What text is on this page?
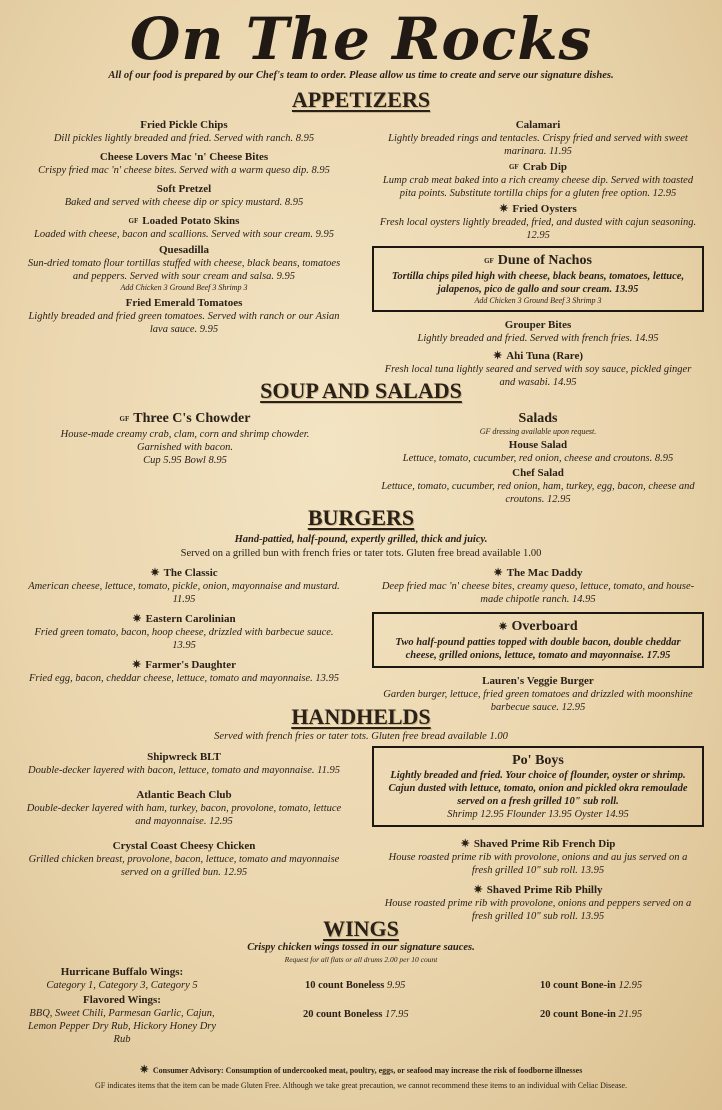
On The Rocks
All of our food is prepared by our Chef's team to order. Please allow us time to create and serve our signature dishes.
APPETIZERS
Fried Pickle Chips
Dill pickles lightly breaded and fried. Served with ranch. 8.95
Cheese Lovers Mac 'n' Cheese Bites
Crispy fried mac 'n' cheese bites. Served with a warm queso dip. 8.95
Soft Pretzel
Baked and served with cheese dip or spicy mustard. 8.95
GF Loaded Potato Skins
Loaded with cheese, bacon and scallions. Served with sour cream. 9.95
Quesadilla
Sun-dried tomato flour tortillas stuffed with cheese, black beans, tomatoes and peppers. Served with sour cream and salsa. 9.95
Add Chicken 3 Ground Beef 3 Shrimp 3
Fried Emerald Tomatoes
Lightly breaded and fried green tomatoes. Served with ranch or our Asian lava sauce. 9.95
Calamari
Lightly breaded rings and tentacles. Crispy fried and served with sweet marinara. 11.95
GF Crab Dip
Lump crab meat baked into a rich creamy cheese dip. Served with toasted pita points. Substitute tortilla chips for a gluten free option. 12.95
✷ Fried Oysters
Fresh local oysters lightly breaded, fried, and dusted with cajun seasoning. 12.95
GF Dune of Nachos
Tortilla chips piled high with cheese, black beans, tomatoes, lettuce, jalapenos, pico de gallo and sour cream. 13.95
Add Chicken 3 Ground Beef 3 Shrimp 3
Grouper Bites
Lightly breaded and fried. Served with french fries. 14.95
✷ Ahi Tuna (Rare)
Fresh local tuna lightly seared and served with soy sauce, pickled ginger and wasabi. 14.95
SOUP AND SALADS
GF Three C's Chowder
House-made creamy crab, clam, corn and shrimp chowder. Garnished with bacon.
Cup 5.95 Bowl 8.95
Salads
GF dressing available upon request.
House Salad
Lettuce, tomato, cucumber, red onion, cheese and croutons. 8.95
Chef Salad
Lettuce, tomato, cucumber, red onion, ham, turkey, egg, bacon, cheese and croutons. 12.95
BURGERS
Hand-pattied, half-pound, expertly grilled, thick and juicy.
Served on a grilled bun with french fries or tater tots. Gluten free bread available 1.00
✷ The Classic
American cheese, lettuce, tomato, pickle, onion, mayonnaise and mustard. 11.95
✷ Eastern Carolinian
Fried green tomato, bacon, hoop cheese, drizzled with barbecue sauce. 13.95
✷ Farmer's Daughter
Fried egg, bacon, cheddar cheese, lettuce, tomato and mayonnaise. 13.95
✷ The Mac Daddy
Deep fried mac 'n' cheese bites, creamy queso, lettuce, tomato, and house-made chipotle ranch. 14.95
✷ Overboard
Two half-pound patties topped with double bacon, double cheddar cheese, grilled onions, lettuce, tomato and mayonnaise. 17.95
Lauren's Veggie Burger
Garden burger, lettuce, fried green tomatoes and drizzled with moonshine barbecue sauce. 12.95
HANDHELDS
Served with french fries or tater tots. Gluten free bread available 1.00
Shipwreck BLT
Double-decker layered with bacon, lettuce, tomato and mayonnaise. 11.95
Atlantic Beach Club
Double-decker layered with ham, turkey, bacon, provolone, tomato, lettuce and mayonnaise. 12.95
Crystal Coast Cheesy Chicken
Grilled chicken breast, provolone, bacon, lettuce, tomato and mayonnaise served on a grilled bun. 12.95
Po' Boys
Lightly breaded and fried. Your choice of flounder, oyster or shrimp. Cajun dusted with lettuce, tomato, onion and pickled okra remoulade served on a fresh grilled 10" sub roll.
Shrimp 12.95 Flounder 13.95 Oyster 14.95
✷ Shaved Prime Rib French Dip
House roasted prime rib with provolone, onions and au jus served on a fresh grilled 10" sub roll. 13.95
✷ Shaved Prime Rib Philly
House roasted prime rib with provolone, onions and peppers served on a fresh grilled 10" sub roll. 13.95
WINGS
Crispy chicken wings tossed in our signature sauces.
Request for all flats or all drums 2.00 per 10 count
Hurricane Buffalo Wings:
Category 1, Category 3, Category 5
Flavored Wings:
BBQ, Sweet Chili, Parmesan Garlic, Cajun, Lemon Pepper Dry Rub, Hickory Honey Dry Rub
10 count Boneless 9.95	10 count Bone-in 12.95
20 count Boneless 17.95	20 count Bone-in 21.95
✷ Consumer Advisory: Consumption of undercooked meat, poultry, eggs, or seafood may increase the risk of foodborne illnesses
GF indicates items that the item can be made Gluten Free. Although we take great precaution, we cannot recommend these items to an individual with Celiac Disease.
